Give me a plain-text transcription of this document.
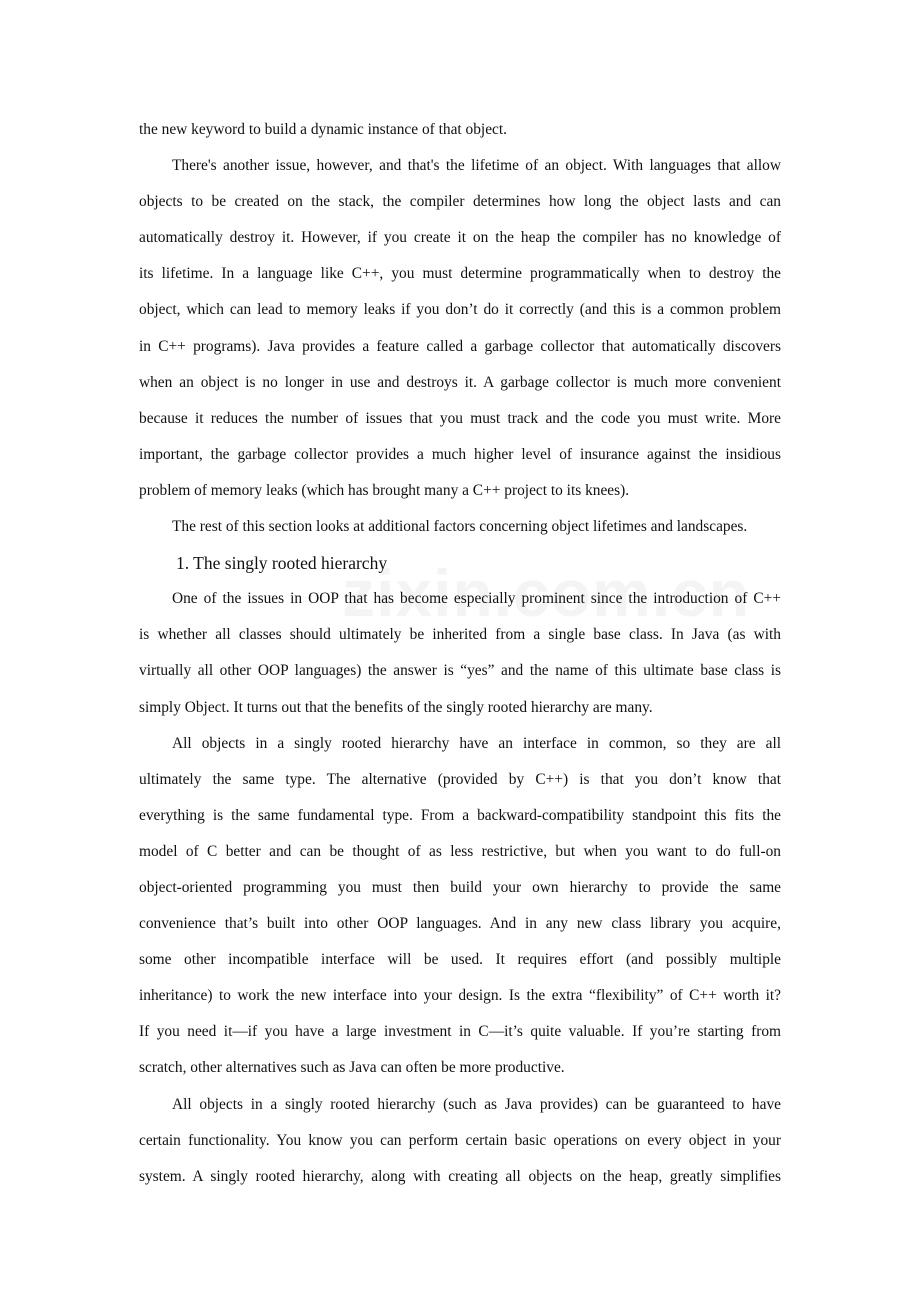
the new keyword to build a dynamic instance of that object.
There's another issue, however, and that's the lifetime of an object. With languages that allow
objects to be created on the stack, the compiler determines how long the object lasts and can
automatically destroy it. However, if you create it on the heap the compiler has no knowledge of
its lifetime. In a language like C++, you must determine programmatically when to destroy the
object, which can lead to memory leaks if you don’t do it correctly (and this is a common problem
in C++ programs). Java provides a feature called a garbage collector that automatically discovers
when an object is no longer in use and destroys it. A garbage collector is much more convenient
because it reduces the number of issues that you must track and the code you must write. More
important, the garbage collector provides a much higher level of insurance against the insidious
problem of memory leaks (which has brought many a C++ project to its knees).
The rest of this section looks at additional factors concerning object lifetimes and landscapes.
1. The singly rooted hierarchy
One of the issues in OOP that has become especially prominent since the introduction of C++
is whether all classes should ultimately be inherited from a single base class. In Java (as with
virtually all other OOP languages) the answer is “yes” and the name of this ultimate base class is
simply Object. It turns out that the benefits of the singly rooted hierarchy are many.
All objects in a singly rooted hierarchy have an interface in common, so they are all
ultimately the same type. The alternative (provided by C++) is that you don’t know that
everything is the same fundamental type. From a backward-compatibility standpoint this fits the
model of C better and can be thought of as less restrictive, but when you want to do full-on
object-oriented programming you must then build your own hierarchy to provide the same
convenience that’s built into other OOP languages. And in any new class library you acquire,
some other incompatible interface will be used. It requires effort (and possibly multiple
inheritance) to work the new interface into your design. Is the extra “flexibility” of C++ worth it?
If you need it—if you have a large investment in C—it’s quite valuable. If you’re starting from
scratch, other alternatives such as Java can often be more productive.
All objects in a singly rooted hierarchy (such as Java provides) can be guaranteed to have
certain functionality. You know you can perform certain basic operations on every object in your
system. A singly rooted hierarchy, along with creating all objects on the heap, greatly simplifies
